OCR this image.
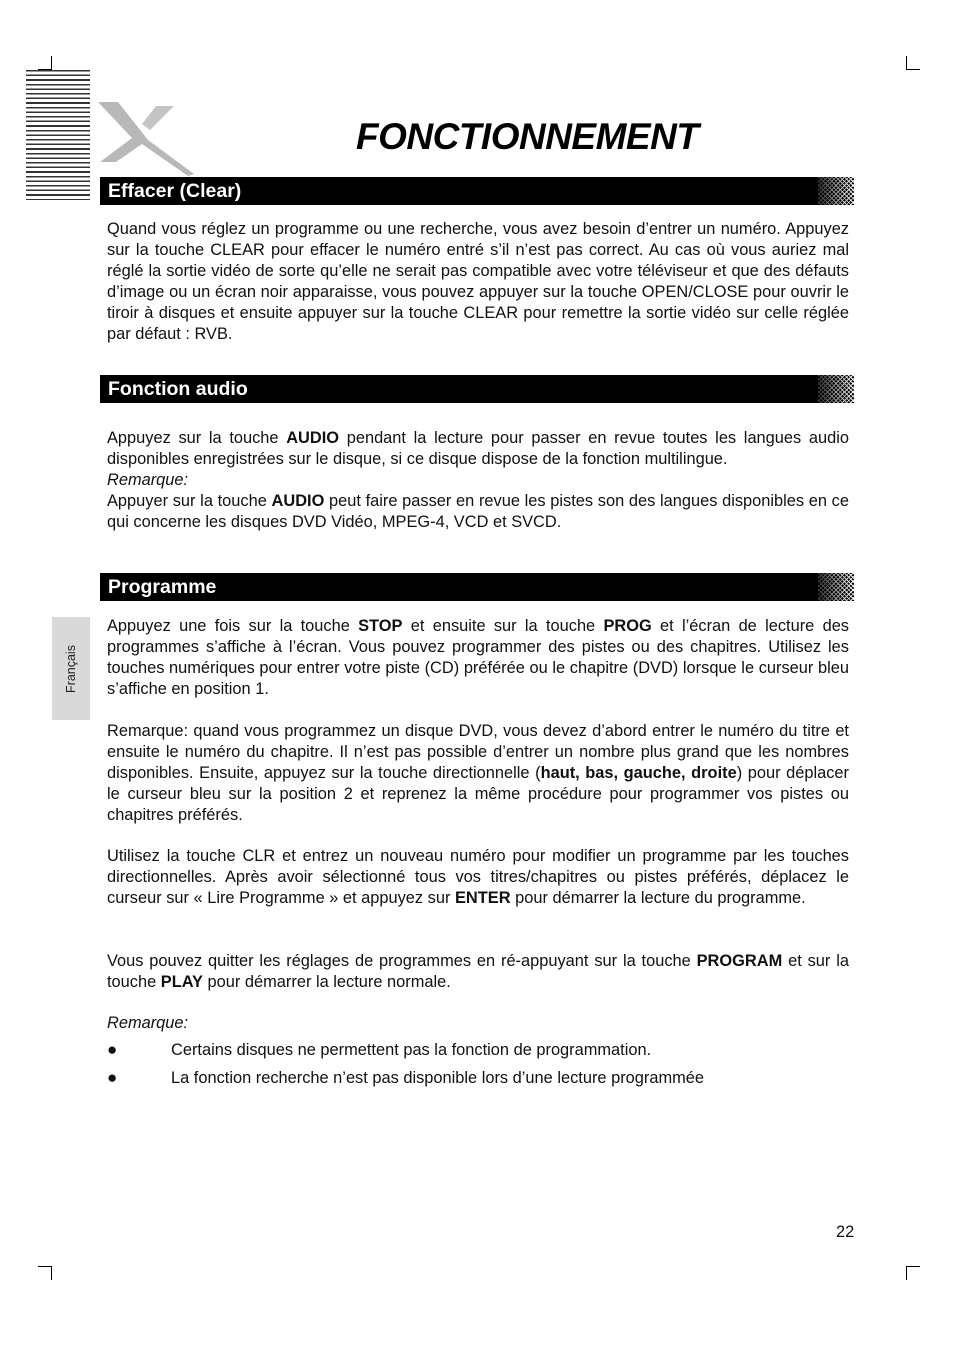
FONCTIONNEMENT
Effacer (Clear)

Quand vous réglez un programme ou une recherche, vous avez besoin d’entrer un numéro. Appuyez sur la touche CLEAR pour effacer le numéro entré s’il n’est pas correct. Au cas où vous auriez mal réglé la sortie vidéo de sorte qu’elle ne serait pas compatible avec votre téléviseur et que des défauts d’image ou un écran noir apparaisse, vous pouvez appuyer sur la touche OPEN/CLOSE pour ouvrir le tiroir à disques et ensuite appuyer sur la touche CLEAR pour remettre la sortie vidéo sur celle réglée par défaut : RVB.

Fonction audio
Appuyez sur la touche AUDIO pendant la lecture pour passer en revue toutes les langues audio disponibles enregistrées sur le disque, si ce disque dispose de la fonction multilingue.
Remarque:
Appuyer sur la touche AUDIO peut faire passer en revue les pistes son des langues disponibles en ce qui concerne les disques DVD Vidéo, MPEG-4, VCD et SVCD.
Programme

Appuyez une fois sur la touche STOP et ensuite sur la touche PROG et l’écran de lecture des programmes s’affiche à l’écran. Vous pouvez programmer des pistes ou des chapitres. Utilisez les touches numériques pour entrer votre piste (CD) préférée ou le chapitre (DVD) lorsque le curseur bleu s’affiche en position 1.

Remarque: quand vous programmez un disque DVD, vous devez d’abord entrer le numéro du titre et ensuite le numéro du chapitre. Il n’est pas possible d’entrer un nombre plus grand que les nombres disponibles. Ensuite, appuyez sur la touche directionnelle (haut, bas, gauche, droite) pour déplacer le curseur bleu sur la position 2 et reprenez la même procédure pour programmer vos pistes ou chapitres préférés.

Utilisez la touche CLR et entrez un nouveau numéro pour modifier un programme par les touches directionnelles. Après avoir sélectionné tous vos titres/chapitres ou pistes préférés, déplacez le curseur sur « Lire Programme » et appuyez sur ENTER pour démarrer la lecture du programme.

Vous pouvez quitter les réglages de programmes en ré-appuyant sur la touche PROGRAM et sur la touche PLAY pour démarrer la lecture normale.

Remarque:

●	Certains disques ne permettent pas la fonction de programmation.
●	La fonction recherche n’est pas disponible lors d’une lecture programmée
Français
22
